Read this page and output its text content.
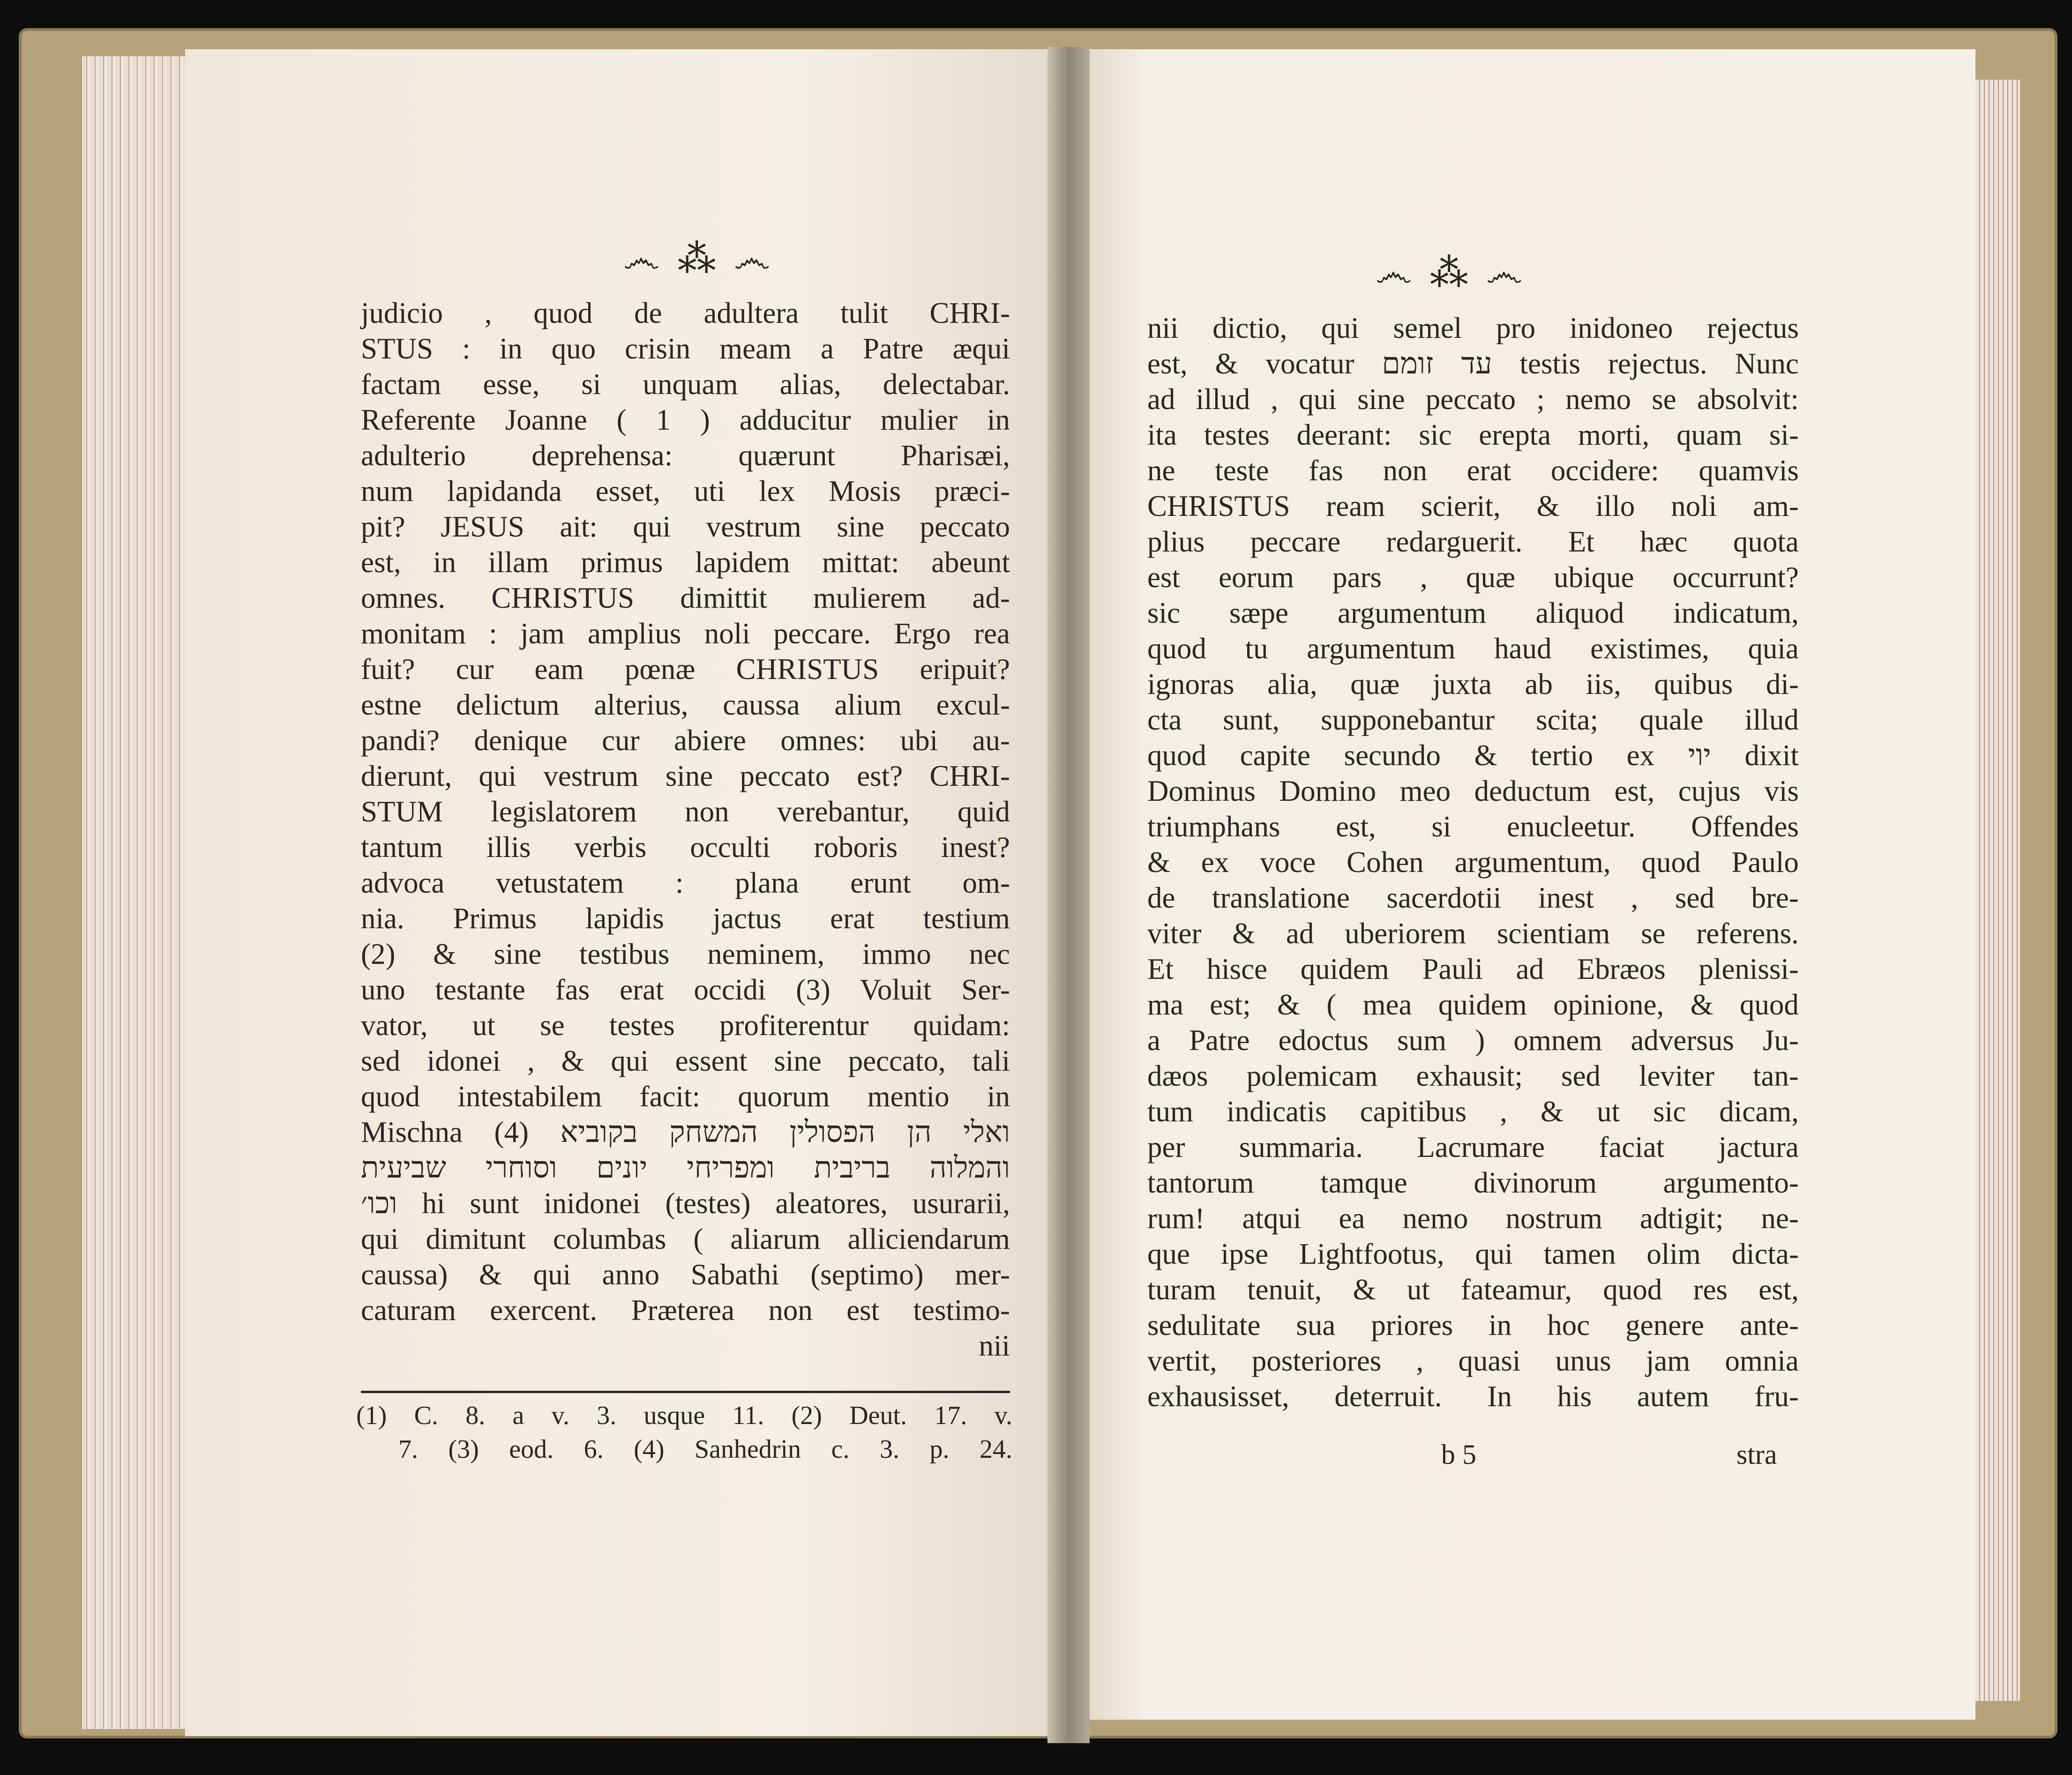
෴ ⁂ ෴
judicio , quod de adultera tulit CHRI-
STUS : in quo crisin meam a Patre æqui
factam esse, si unquam alias, delectabar.
Referente Joanne ( 1 ) adducitur mulier in
adulterio deprehensa: quærunt Pharisæi,
num lapidanda esset, uti lex Mosis præci-
pit? JESUS ait: qui vestrum sine peccato
est, in illam primus lapidem mittat: abeunt
omnes. CHRISTUS dimittit mulierem ad-
monitam : jam amplius noli peccare. Ergo rea
fuit? cur eam pœnæ CHRISTUS eripuit?
estne delictum alterius, caussa alium excul-
pandi? denique cur abiere omnes: ubi au-
dierunt, qui vestrum sine peccato est? CHRI-
STUM legislatorem non verebantur, quid
tantum illis verbis occulti roboris inest?
advoca vetustatem : plana erunt om-
nia. Primus lapidis jactus erat testium
(2) & sine testibus neminem, immo nec
uno testante fas erat occidi (3) Voluit Ser-
vator, ut se testes profiterentur quidam:
sed idonei , & qui essent sine peccato, tali
quod intestabilem facit: quorum mentio in
Mischna (4) ואלי הן הפסולין המשחק בקוביא
והמלוה בריבית ומפריחי יונים וסוחרי שביעית
וכו׳ hi sunt inidonei (testes) aleatores, usurarii,
qui dimitunt columbas ( aliarum alliciendarum
caussa) & qui anno Sabathi (septimo) mer-
caturam exercent. Præterea non est testimo-
nii
(1) C. 8. a v. 3. usque 11. (2) Deut. 17. v.
7. (3) eod. 6. (4) Sanhedrin c. 3. p. 24.
෴ ⁂ ෴
nii dictio, qui semel pro inidoneo rejectus
est, & vocatur עד זומם testis rejectus. Nunc
ad illud , qui sine peccato ; nemo se absolvit:
ita testes deerant: sic erepta morti, quam si-
ne teste fas non erat occidere: quamvis
CHRISTUS ream scierit, & illo noli am-
plius peccare redarguerit. Et hæc quota
est eorum pars , quæ ubique occurrunt?
sic sæpe argumentum aliquod indicatum,
quod tu argumentum haud existimes, quia
ignoras alia, quæ juxta ab iis, quibus di-
cta sunt, supponebantur scita; quale illud
quod capite secundo & tertio ex יוי dixit
Dominus Domino meo deductum est, cujus vis
triumphans est, si enucleetur. Offendes
& ex voce Cohen argumentum, quod Paulo
de translatione sacerdotii inest , sed bre-
viter & ad uberiorem scientiam se referens.
Et hisce quidem Pauli ad Ebræos plenissi-
ma est; & ( mea quidem opinione, & quod
a Patre edoctus sum ) omnem adversus Ju-
dæos polemicam exhausit; sed leviter tan-
tum indicatis capitibus , & ut sic dicam,
per summaria. Lacrumare faciat jactura
tantorum tamque divinorum argumento-
rum! atqui ea nemo nostrum adtigit; ne-
que ipse Lightfootus, qui tamen olim dicta-
turam tenuit, & ut fateamur, quod res est,
sedulitate sua priores in hoc genere ante-
vertit, posteriores , quasi unus jam omnia
exhausisset, deterruit. In his autem fru-
b 5	stra
